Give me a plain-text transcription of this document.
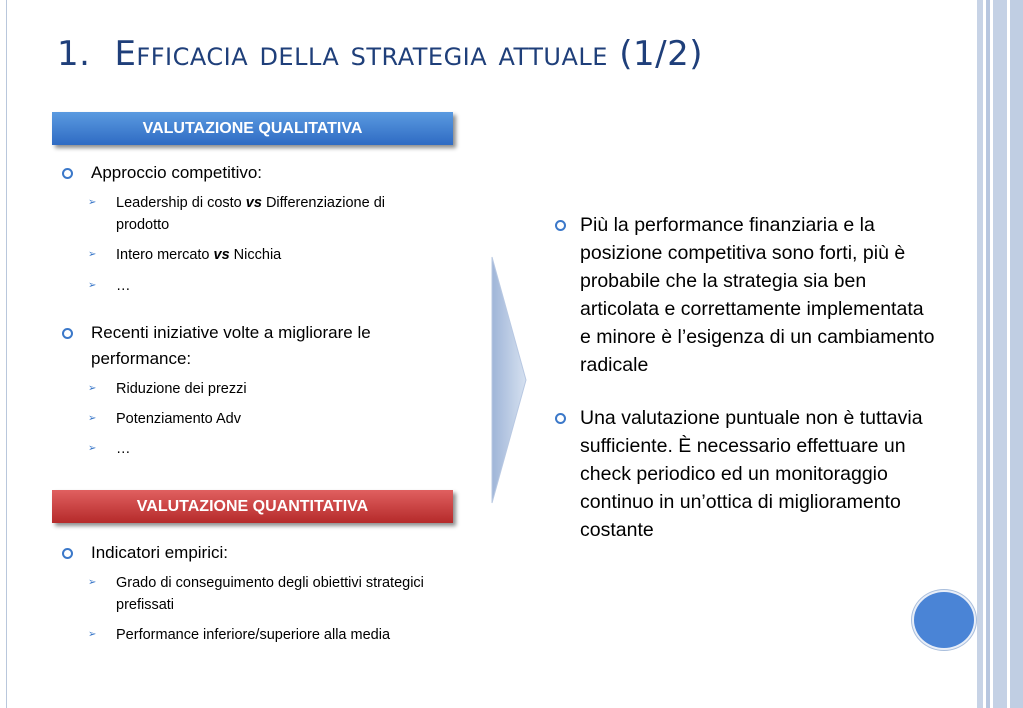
1. Efficacia della strategia attuale (1/2)
VALUTAZIONE QUALITATIVA
Approccio competitivo:
➢ Leadership di costo vs Differenziazione di prodotto
➢ Intero mercato vs Nicchia
➢ …
Recenti iniziative volte a migliorare le performance:
➢ Riduzione dei prezzi
➢ Potenziamento Adv
➢ …
VALUTAZIONE QUANTITATIVA
Indicatori empirici:
➢ Grado di conseguimento degli obiettivi strategici prefissati
➢ Performance inferiore/superiore alla media
Più la performance finanziaria e la posizione competitiva sono forti, più è probabile che la strategia sia ben articolata e correttamente implementata e minore è l’esigenza di un cambiamento radicale
Una valutazione puntuale non è tuttavia sufficiente. È necessario effettuare un check periodico ed un monitoraggio continuo in un’ottica di miglioramento costante
